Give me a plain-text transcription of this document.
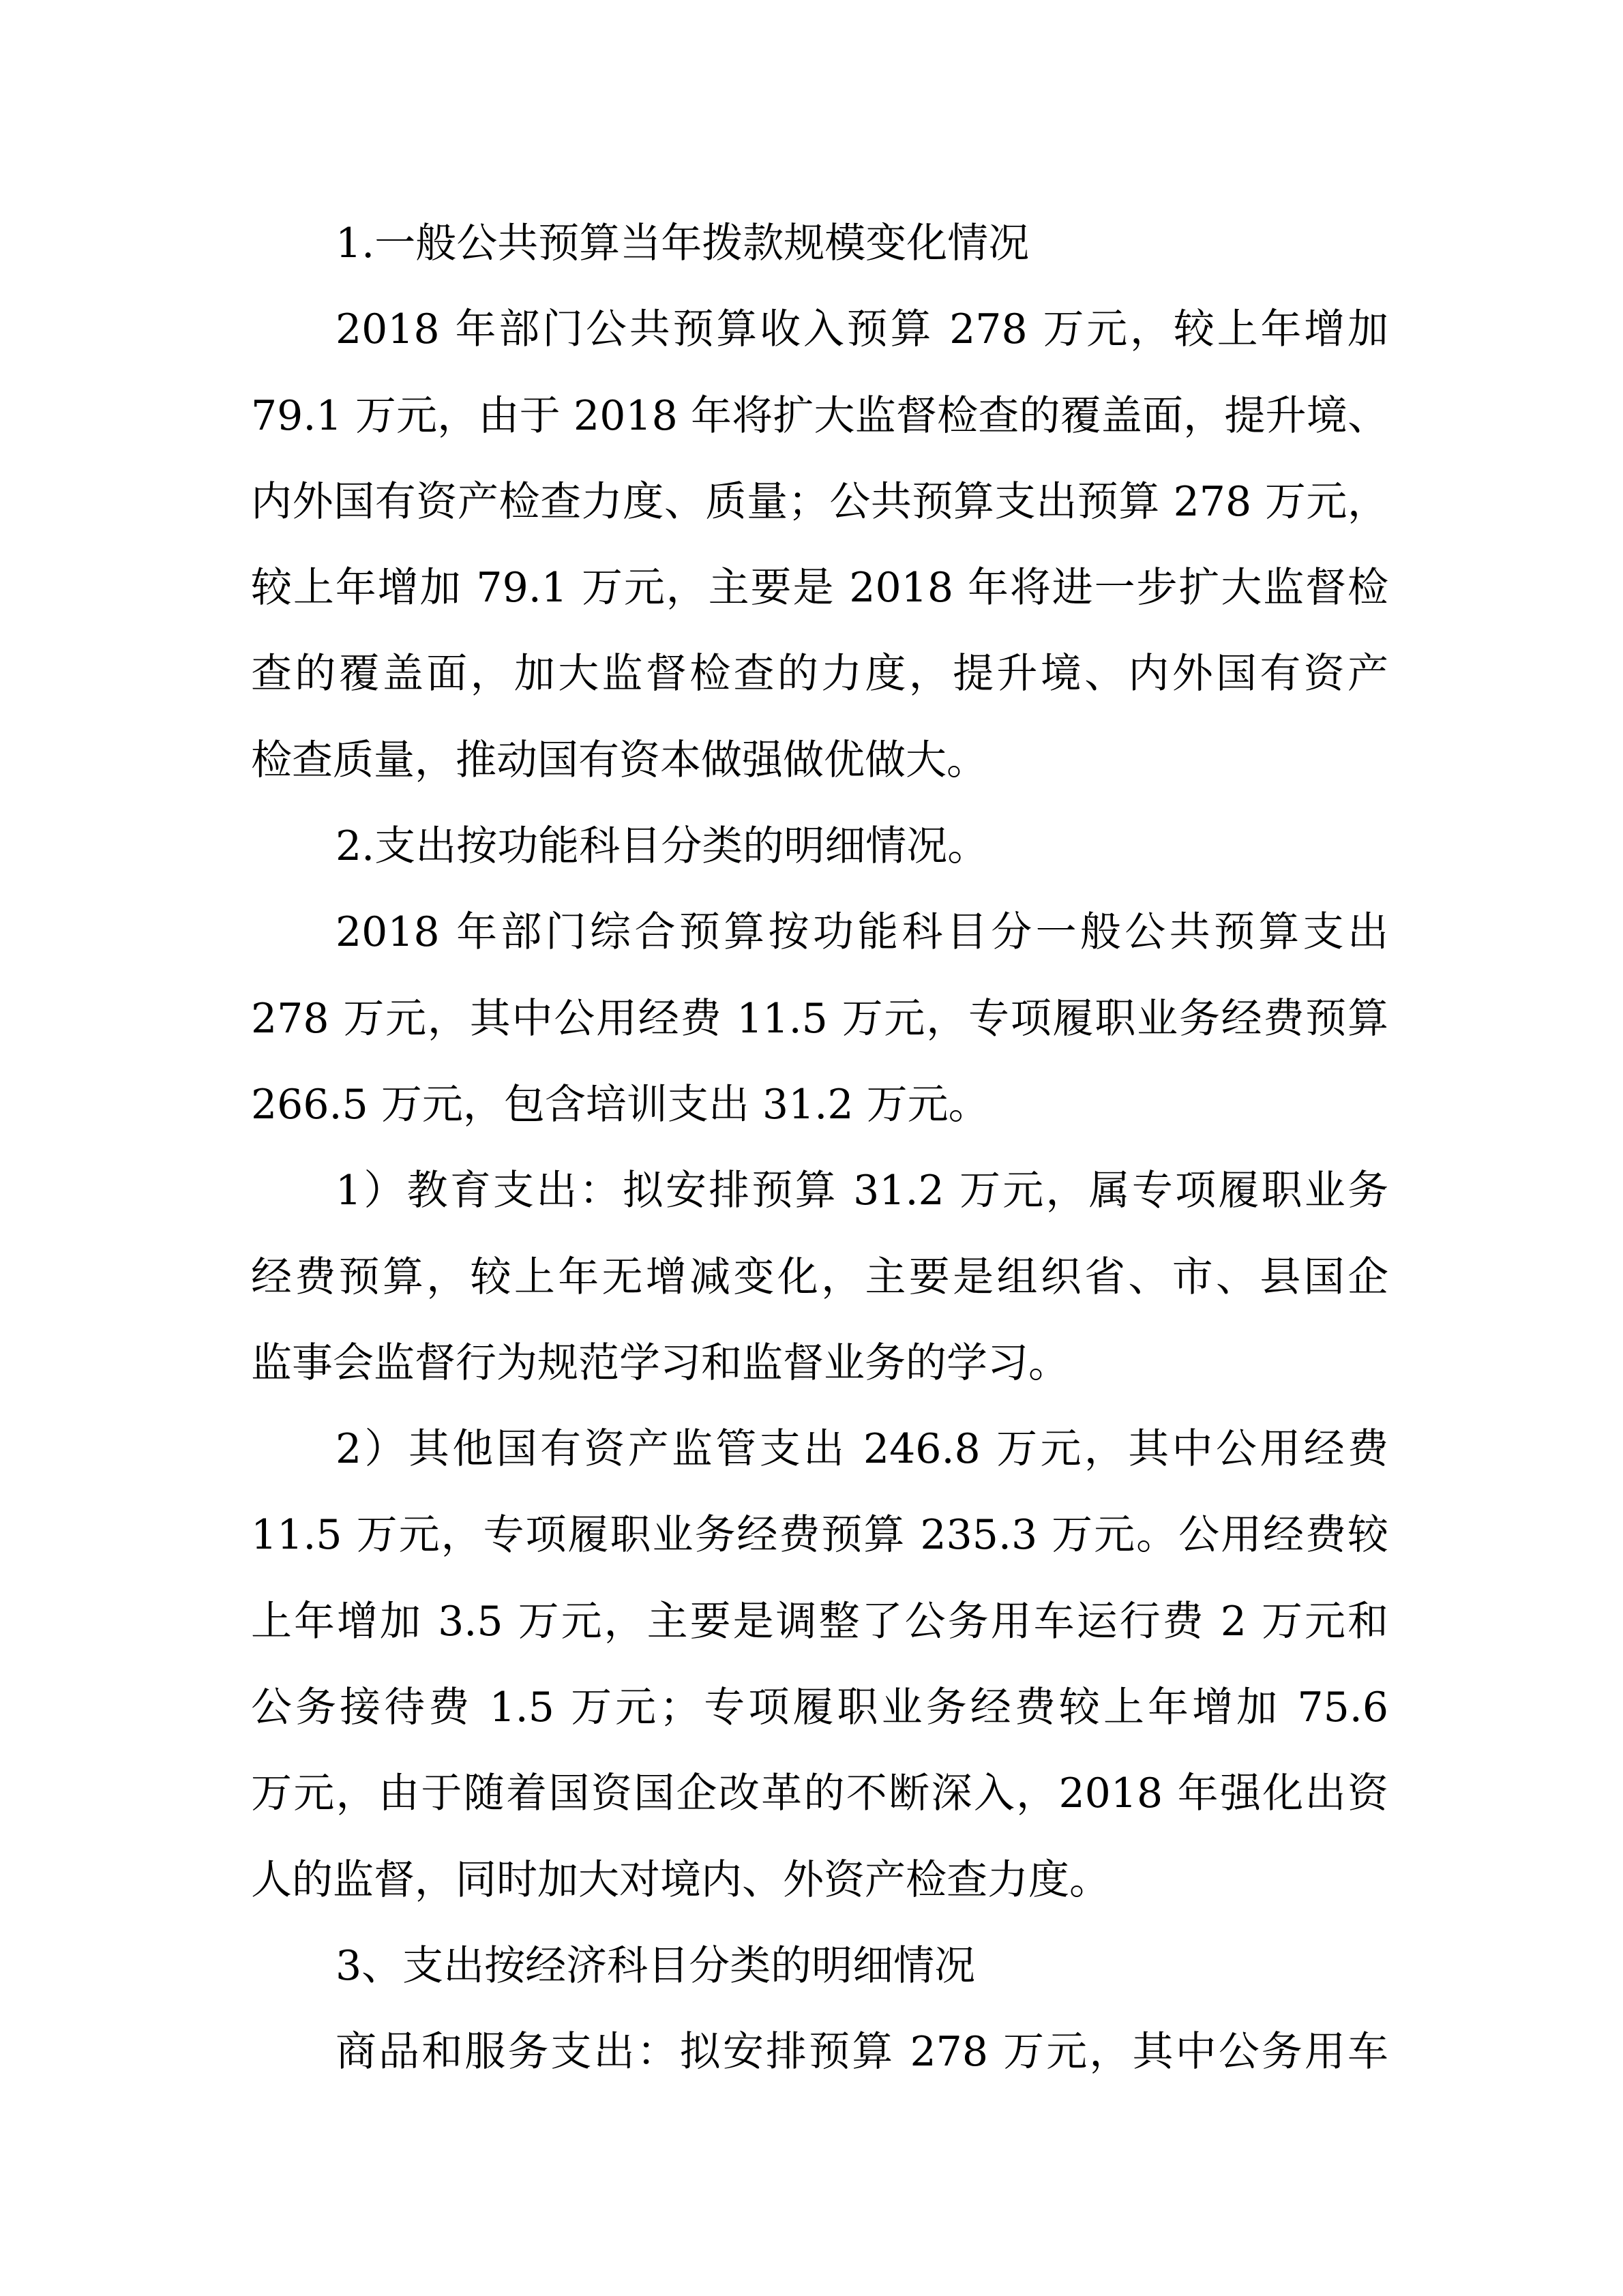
1.一般公共预算当年拨款规模变化情况
2018 年部门公共预算收入预算 278 万元，较上年增加
79.1 万元，由于 2018 年将扩大监督检查的覆盖面，提升境、
内外国有资产检查力度、质量；公共预算支出预算 278 万元，
较上年增加 79.1 万元，主要是 2018 年将进一步扩大监督检
查的覆盖面，加大监督检查的力度，提升境、内外国有资产
检查质量，推动国有资本做强做优做大。
2.支出按功能科目分类的明细情况。
2018 年部门综合预算按功能科目分一般公共预算支出
278 万元，其中公用经费 11.5 万元，专项履职业务经费预算
266.5 万元，包含培训支出 31.2 万元。
1）教育支出：拟安排预算 31.2 万元，属专项履职业务
经费预算，较上年无增减变化，主要是组织省、市、县国企
监事会监督行为规范学习和监督业务的学习。
2）其他国有资产监管支出 246.8 万元，其中公用经费
11.5 万元，专项履职业务经费预算 235.3 万元。公用经费较
上年增加 3.5 万元，主要是调整了公务用车运行费 2 万元和
公务接待费 1.5 万元；专项履职业务经费较上年增加 75.6
万元，由于随着国资国企改革的不断深入，2018 年强化出资
人的监督，同时加大对境内、外资产检查力度。
3、支出按经济科目分类的明细情况
商品和服务支出：拟安排预算 278 万元，其中公务用车
